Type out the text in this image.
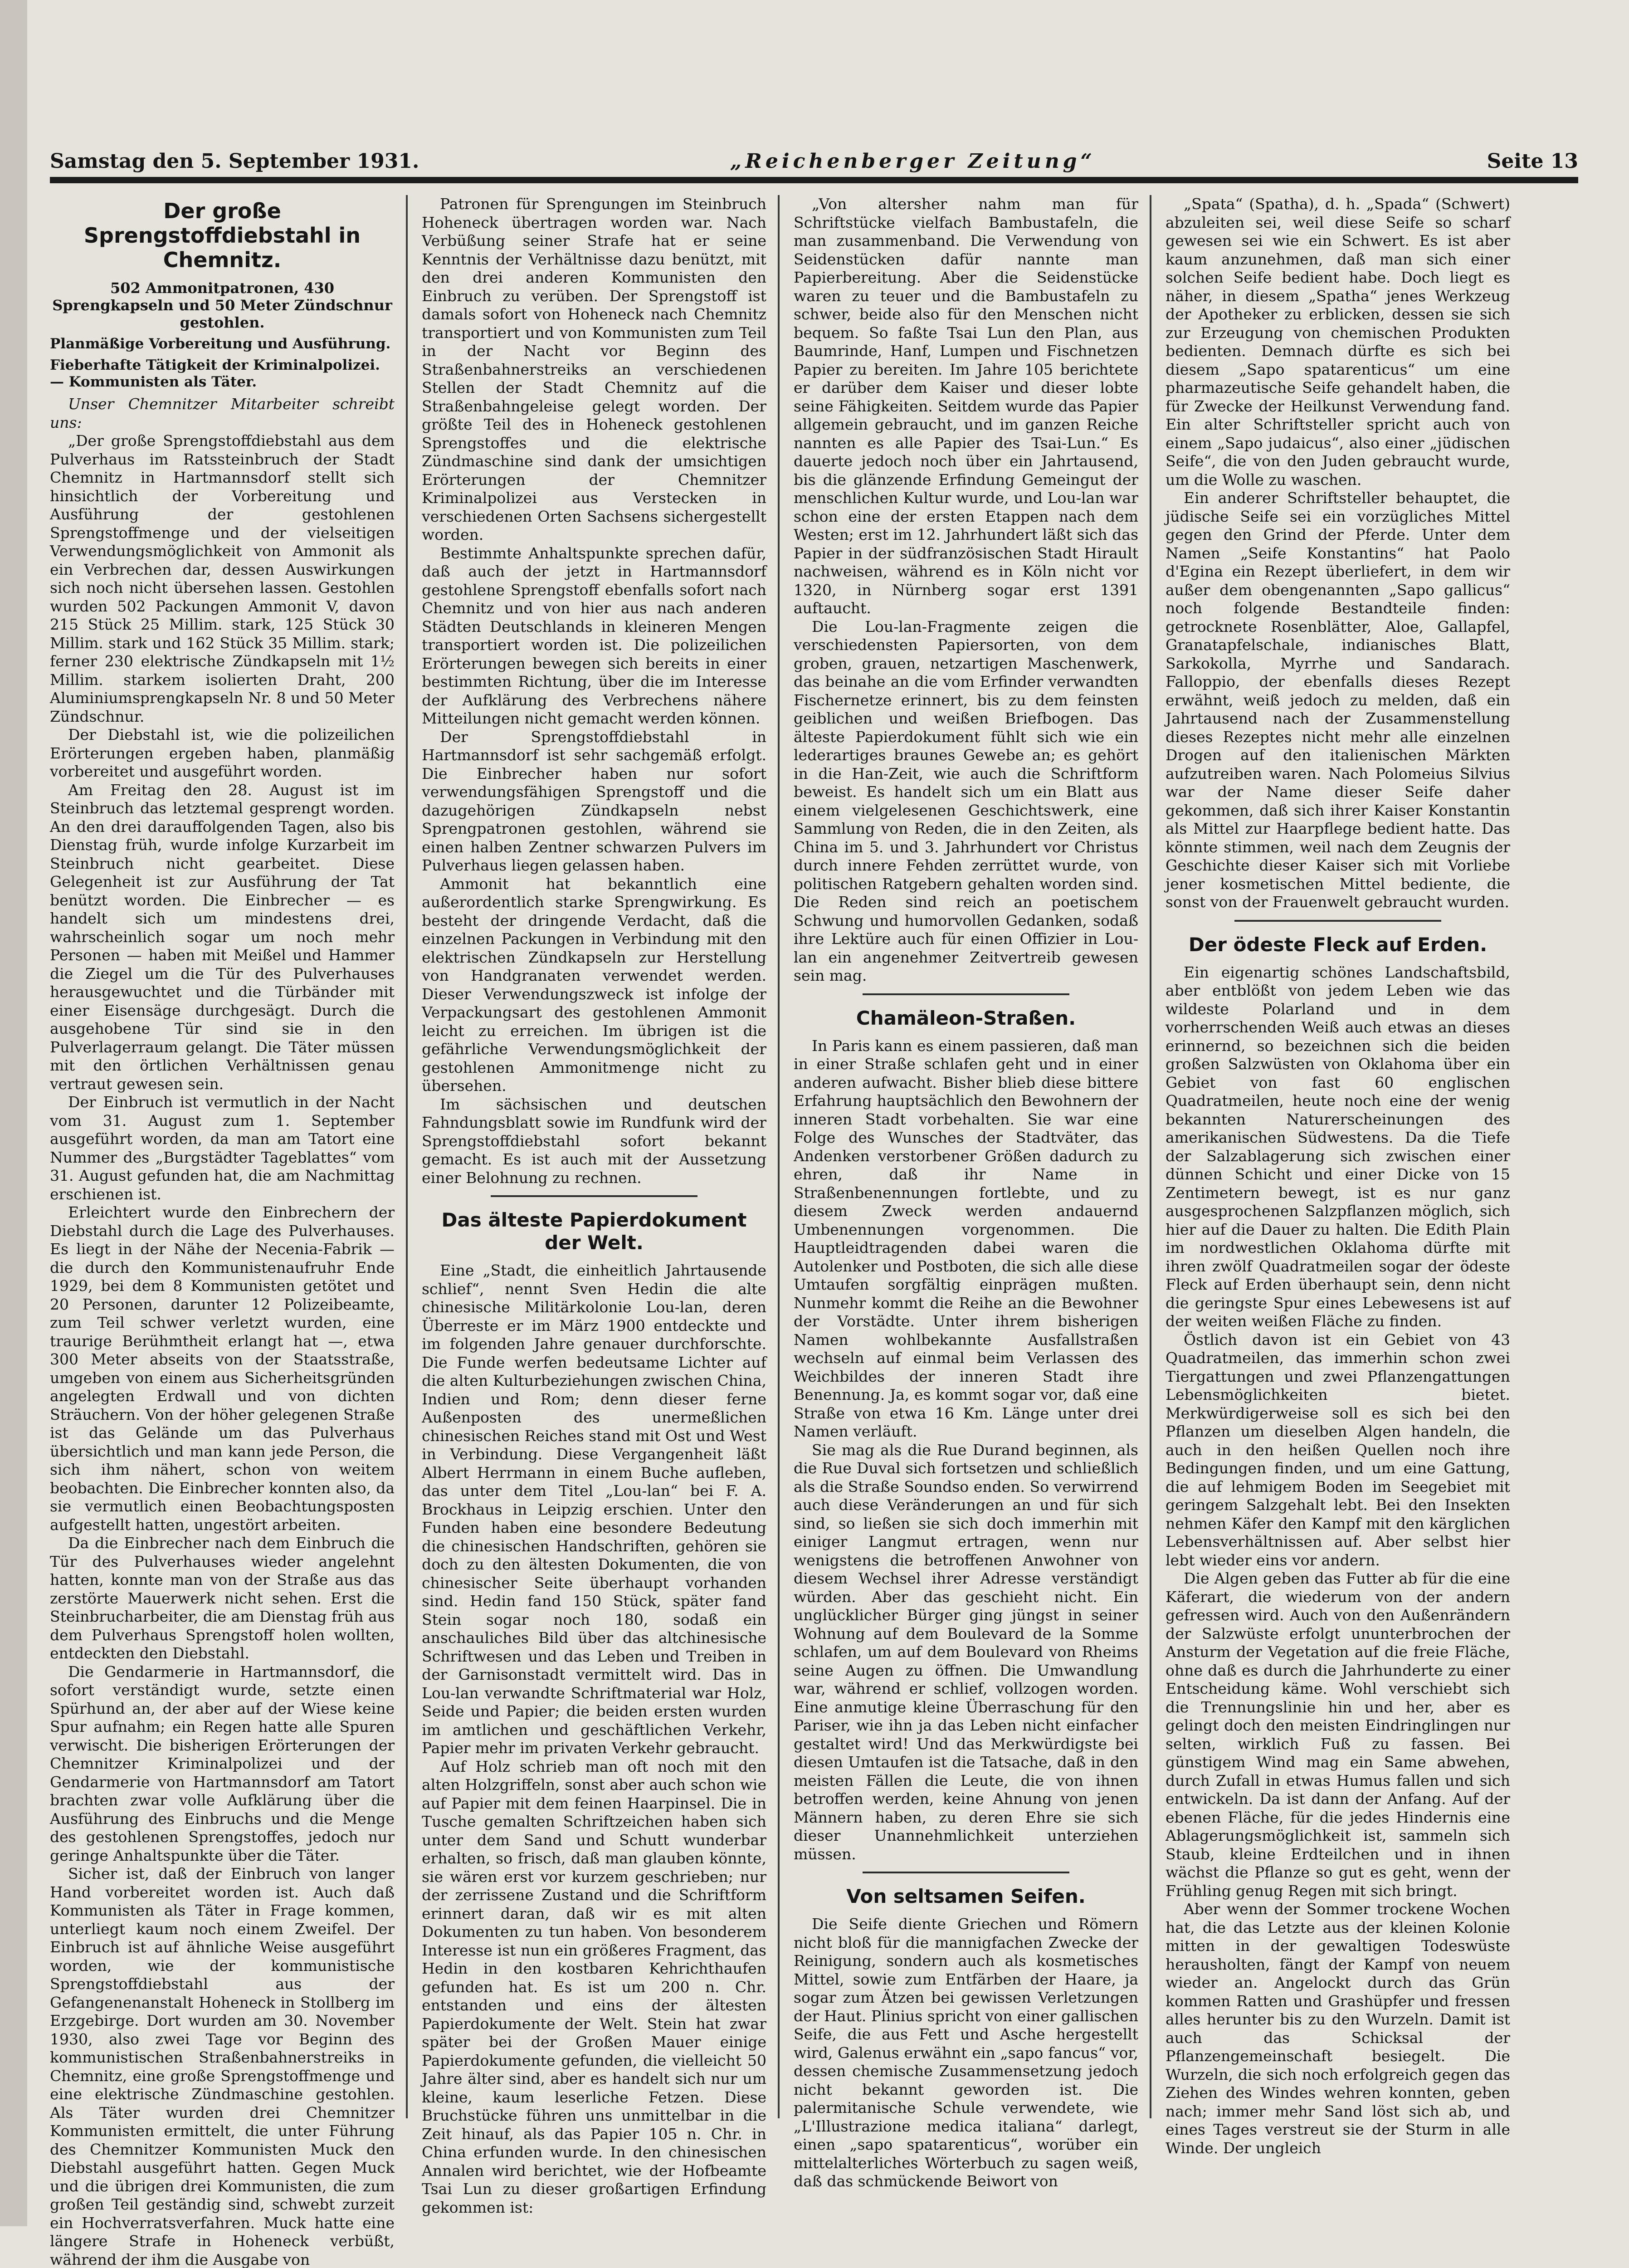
Samstag den 5. September 1931.	„Reichenberger Zeitung“	Seite 13
Der große Sprengstoffdiebstahl in Chemnitz.
502 Ammonitpatronen, 430 Sprengkapseln und 50 Meter Zündschnur gestohlen.
Planmäßige Vorbereitung und Ausführung.
Fieberhafte Tätigkeit der Kriminalpolizei. — Kommunisten als Täter.

Unser Chemnitzer Mitarbeiter schreibt uns:

„Der große Sprengstoffdiebstahl aus dem Pulverhaus im Ratssteinbruch der Stadt Chemnitz in Hartmannsdorf stellt sich hinsichtlich der Vorbereitung und Ausführung der gestohlenen Sprengstoffmenge und der vielseitigen Verwendungsmöglichkeit von Ammonit als ein Verbrechen dar, dessen Auswirkungen sich noch nicht übersehen lassen. Gestohlen wurden 502 Packungen Ammonit V, davon 215 Stück 25 Millim. stark, 125 Stück 30 Millim. stark und 162 Stück 35 Millim. stark; ferner 230 elektrische Zündkapseln mit 1½ Millim. starkem isolierten Draht, 200 Aluminiumsprengkapseln Nr. 8 und 50 Meter Zündschnur.

Der Diebstahl ist, wie die polizeilichen Erörterungen ergeben haben, planmäßig vorbereitet und ausgeführt worden.

Am Freitag den 28. August ist im Steinbruch das letztemal gesprengt worden. An den drei darauffolgenden Tagen, also bis Dienstag früh, wurde infolge Kurzarbeit im Steinbruch nicht gearbeitet. Diese Gelegenheit ist zur Ausführung der Tat benützt worden. Die Einbrecher — es handelt sich um mindestens drei, wahrscheinlich sogar um noch mehr Personen — haben mit Meißel und Hammer die Ziegel um die Tür des Pulverhauses herausgewuchtet und die Türbänder mit einer Eisensäge durchgesägt. Durch die ausgehobene Tür sind sie in den Pulverlagerraum gelangt. Die Täter müssen mit den örtlichen Verhältnissen genau vertraut gewesen sein.

Der Einbruch ist vermutlich in der Nacht vom 31. August zum 1. September ausgeführt worden, da man am Tatort eine Nummer des „Burgstädter Tageblattes“ vom 31. August gefunden hat, die am Nachmittag erschienen ist.

Erleichtert wurde den Einbrechern der Diebstahl durch die Lage des Pulverhauses. Es liegt in der Nähe der Necenia-Fabrik — die durch den Kommunistenaufruhr Ende 1929, bei dem 8 Kommunisten getötet und 20 Personen, darunter 12 Polizeibeamte, zum Teil schwer verletzt wurden, eine traurige Berühmtheit erlangt hat —, etwa 300 Meter abseits von der Staatsstraße, umgeben von einem aus Sicherheitsgründen angelegten Erdwall und von dichten Sträuchern. Von der höher gelegenen Straße ist das Gelände um das Pulverhaus übersichtlich und man kann jede Person, die sich ihm nähert, schon von weitem beobachten. Die Einbrecher konnten also, da sie vermutlich einen Beobachtungsposten aufgestellt hatten, ungestört arbeiten.

Da die Einbrecher nach dem Einbruch die Tür des Pulverhauses wieder angelehnt hatten, konnte man von der Straße aus das zerstörte Mauerwerk nicht sehen. Erst die Steinbrucharbeiter, die am Dienstag früh aus dem Pulverhaus Sprengstoff holen wollten, entdeckten den Diebstahl.

Die Gendarmerie in Hartmannsdorf, die sofort verständigt wurde, setzte einen Spürhund an, der aber auf der Wiese keine Spur aufnahm; ein Regen hatte alle Spuren verwischt. Die bisherigen Erörterungen der Chemnitzer Kriminalpolizei und der Gendarmerie von Hartmannsdorf am Tatort brachten zwar volle Aufklärung über die Ausführung des Einbruchs und die Menge des gestohlenen Sprengstoffes, jedoch nur geringe Anhaltspunkte über die Täter.

Sicher ist, daß der Einbruch von langer Hand vorbereitet worden ist. Auch daß Kommunisten als Täter in Frage kommen, unterliegt kaum noch einem Zweifel. Der Einbruch ist auf ähnliche Weise ausgeführt worden, wie der kommunistische Sprengstoffdiebstahl aus der Gefangenenanstalt Hoheneck in Stollberg im Erzgebirge. Dort wurden am 30. November 1930, also zwei Tage vor Beginn des kommunistischen Straßenbahnerstreiks in Chemnitz, eine große Sprengstoffmenge und eine elektrische Zündmaschine gestohlen. Als Täter wurden drei Chemnitzer Kommunisten ermittelt, die unter Führung des Chemnitzer Kommunisten Muck den Diebstahl ausgeführt hatten. Gegen Muck und die übrigen drei Kommunisten, die zum großen Teil geständig sind, schwebt zurzeit ein Hochverratsverfahren. Muck hatte eine längere Strafe in Hoheneck verbüßt, während der ihm die Ausgabe von

Patronen für Sprengungen im Steinbruch Hoheneck übertragen worden war. Nach Verbüßung seiner Strafe hat er seine Kenntnis der Verhältnisse dazu benützt, mit den drei anderen Kommunisten den Einbruch zu verüben. Der Sprengstoff ist damals sofort von Hoheneck nach Chemnitz transportiert und von Kommunisten zum Teil in der Nacht vor Beginn des Straßenbahnerstreiks an verschiedenen Stellen der Stadt Chemnitz auf die Straßenbahngeleise gelegt worden. Der größte Teil des in Hoheneck gestohlenen Sprengstoffes und die elektrische Zündmaschine sind dank der umsichtigen Erörterungen der Chemnitzer Kriminalpolizei aus Verstecken in verschiedenen Orten Sachsens sichergestellt worden.

Bestimmte Anhaltspunkte sprechen dafür, daß auch der jetzt in Hartmannsdorf gestohlene Sprengstoff ebenfalls sofort nach Chemnitz und von hier aus nach anderen Städten Deutschlands in kleineren Mengen transportiert worden ist. Die polizeilichen Erörterungen bewegen sich bereits in einer bestimmten Richtung, über die im Interesse der Aufklärung des Verbrechens nähere Mitteilungen nicht gemacht werden können.

Der Sprengstoffdiebstahl in Hartmannsdorf ist sehr sachgemäß erfolgt. Die Einbrecher haben nur sofort verwendungsfähigen Sprengstoff und die dazugehörigen Zündkapseln nebst Sprengpatronen gestohlen, während sie einen halben Zentner schwarzen Pulvers im Pulverhaus liegen gelassen haben.

Ammonit hat bekanntlich eine außerordentlich starke Sprengwirkung. Es besteht der dringende Verdacht, daß die einzelnen Packungen in Verbindung mit den elektrischen Zündkapseln zur Herstellung von Handgranaten verwendet werden. Dieser Verwendungszweck ist infolge der Verpackungsart des gestohlenen Ammonit leicht zu erreichen. Im übrigen ist die gefährliche Verwendungsmöglichkeit der gestohlenen Ammonitmenge nicht zu übersehen.

Im sächsischen und deutschen Fahndungsblatt sowie im Rundfunk wird der Sprengstoffdiebstahl sofort bekannt gemacht. Es ist auch mit der Aussetzung einer Belohnung zu rechnen.

Das älteste Papierdokument der Welt.

Eine „Stadt, die einheitlich Jahrtausende schlief“, nennt Sven Hedin die alte chinesische Militärkolonie Lou-lan, deren Überreste er im März 1900 entdeckte und im folgenden Jahre genauer durchforschte. Die Funde werfen bedeutsame Lichter auf die alten Kulturbeziehungen zwischen China, Indien und Rom; denn dieser ferne Außenposten des unermeßlichen chinesischen Reiches stand mit Ost und West in Verbindung. Diese Vergangenheit läßt Albert Herrmann in einem Buche aufleben, das unter dem Titel „Lou-lan“ bei F. A. Brockhaus in Leipzig erschien. Unter den Funden haben eine besondere Bedeutung die chinesischen Handschriften, gehören sie doch zu den ältesten Dokumenten, die von chinesischer Seite überhaupt vorhanden sind. Hedin fand 150 Stück, später fand Stein sogar noch 180, sodaß ein anschauliches Bild über das altchinesische Schriftwesen und das Leben und Treiben in der Garnisonstadt vermittelt wird. Das in Lou-lan verwandte Schriftmaterial war Holz, Seide und Papier; die beiden ersten wurden im amtlichen und geschäftlichen Verkehr, Papier mehr im privaten Verkehr gebraucht.

Auf Holz schrieb man oft noch mit den alten Holzgriffeln, sonst aber auch schon wie auf Papier mit dem feinen Haarpinsel. Die in Tusche gemalten Schriftzeichen haben sich unter dem Sand und Schutt wunderbar erhalten, so frisch, daß man glauben könnte, sie wären erst vor kurzem geschrieben; nur der zerrissene Zustand und die Schriftform erinnert daran, daß wir es mit alten Dokumenten zu tun haben. Von besonderem Interesse ist nun ein größeres Fragment, das Hedin in den kostbaren Kehrichthaufen gefunden hat. Es ist um 200 n. Chr. entstanden und eins der ältesten Papierdokumente der Welt. Stein hat zwar später bei der Großen Mauer einige Papierdokumente gefunden, die vielleicht 50 Jahre älter sind, aber es handelt sich nur um kleine, kaum leserliche Fetzen. Diese Bruchstücke führen uns unmittelbar in die Zeit hinauf, als das Papier 105 n. Chr. in China erfunden wurde. In den chinesischen Annalen wird berichtet, wie der Hofbeamte Tsai Lun zu dieser großartigen Erfindung gekommen ist:

„Von altersher nahm man für Schriftstücke vielfach Bambustafeln, die man zusammenband. Die Verwendung von Seidenstücken dafür nannte man Papierbereitung. Aber die Seidenstücke waren zu teuer und die Bambustafeln zu schwer, beide also für den Menschen nicht bequem. So faßte Tsai Lun den Plan, aus Baumrinde, Hanf, Lumpen und Fischnetzen Papier zu bereiten. Im Jahre 105 berichtete er darüber dem Kaiser und dieser lobte seine Fähigkeiten. Seitdem wurde das Papier allgemein gebraucht, und im ganzen Reiche nannten es alle Papier des Tsai-Lun.“ Es dauerte jedoch noch über ein Jahrtausend, bis die glänzende Erfindung Gemeingut der menschlichen Kultur wurde, und Lou-lan war schon eine der ersten Etappen nach dem Westen; erst im 12. Jahrhundert läßt sich das Papier in der südfranzösischen Stadt Hirault nachweisen, während es in Köln nicht vor 1320, in Nürnberg sogar erst 1391 auftaucht.

Die Lou-lan-Fragmente zeigen die verschiedensten Papiersorten, von dem groben, grauen, netzartigen Maschenwerk, das beinahe an die vom Erfinder verwandten Fischernetze erinnert, bis zu dem feinsten geiblichen und weißen Briefbogen. Das älteste Papierdokument fühlt sich wie ein lederartiges braunes Gewebe an; es gehört in die Han-Zeit, wie auch die Schriftform beweist. Es handelt sich um ein Blatt aus einem vielgelesenen Geschichtswerk, eine Sammlung von Reden, die in den Zeiten, als China im 5. und 3. Jahrhundert vor Christus durch innere Fehden zerrüttet wurde, von politischen Ratgebern gehalten worden sind. Die Reden sind reich an poetischem Schwung und humorvollen Gedanken, sodaß ihre Lektüre auch für einen Offizier in Lou-lan ein angenehmer Zeitvertreib gewesen sein mag.

Chamäleon-Straßen.

In Paris kann es einem passieren, daß man in einer Straße schlafen geht und in einer anderen aufwacht. Bisher blieb diese bittere Erfahrung hauptsächlich den Bewohnern der inneren Stadt vorbehalten. Sie war eine Folge des Wunsches der Stadtväter, das Andenken verstorbener Größen dadurch zu ehren, daß ihr Name in Straßenbenennungen fortlebte, und zu diesem Zweck werden andauernd Umbenennungen vorgenommen. Die Hauptleidtragenden dabei waren die Autolenker und Postboten, die sich alle diese Umtaufen sorgfältig einprägen mußten. Nunmehr kommt die Reihe an die Bewohner der Vorstädte. Unter ihrem bisherigen Namen wohlbekannte Ausfallstraßen wechseln auf einmal beim Verlassen des Weichbildes der inneren Stadt ihre Benennung. Ja, es kommt sogar vor, daß eine Straße von etwa 16 Km. Länge unter drei Namen verläuft.

Sie mag als die Rue Durand beginnen, als die Rue Duval sich fortsetzen und schließlich als die Straße Soundso enden. So verwirrend auch diese Veränderungen an und für sich sind, so ließen sie sich doch immerhin mit einiger Langmut ertragen, wenn nur wenigstens die betroffenen Anwohner von diesem Wechsel ihrer Adresse verständigt würden. Aber das geschieht nicht. Ein unglücklicher Bürger ging jüngst in seiner Wohnung auf dem Boulevard de la Somme schlafen, um auf dem Boulevard von Rheims seine Augen zu öffnen. Die Umwandlung war, während er schlief, vollzogen worden. Eine anmutige kleine Überraschung für den Pariser, wie ihn ja das Leben nicht einfacher gestaltet wird! Und das Merkwürdigste bei diesen Umtaufen ist die Tatsache, daß in den meisten Fällen die Leute, die von ihnen betroffen werden, keine Ahnung von jenen Männern haben, zu deren Ehre sie sich dieser Unannehmlichkeit unterziehen müssen.

Von seltsamen Seifen.

Die Seife diente Griechen und Römern nicht bloß für die mannigfachen Zwecke der Reinigung, sondern auch als kosmetisches Mittel, sowie zum Entfärben der Haare, ja sogar zum Ätzen bei gewissen Verletzungen der Haut. Plinius spricht von einer gallischen Seife, die aus Fett und Asche hergestellt wird, Galenus erwähnt ein „sapo fancus“ vor, dessen chemische Zusammensetzung jedoch nicht bekannt geworden ist. Die palermitanische Schule verwendete, wie „L'Illustrazione medica italiana“ darlegt, einen „sapo spatarenticus“, worüber ein mittelalterliches Wörterbuch zu sagen weiß, daß das schmückende Beiwort von

„Spata“ (Spatha), d. h. „Spada“ (Schwert) abzuleiten sei, weil diese Seife so scharf gewesen sei wie ein Schwert. Es ist aber kaum anzunehmen, daß man sich einer solchen Seife bedient habe. Doch liegt es näher, in diesem „Spatha“ jenes Werkzeug der Apotheker zu erblicken, dessen sie sich zur Erzeugung von chemischen Produkten bedienten. Demnach dürfte es sich bei diesem „Sapo spatarenticus“ um eine pharmazeutische Seife gehandelt haben, die für Zwecke der Heilkunst Verwendung fand. Ein alter Schriftsteller spricht auch von einem „Sapo judaicus“, also einer „jüdischen Seife“, die von den Juden gebraucht wurde, um die Wolle zu waschen.

Ein anderer Schriftsteller behauptet, die jüdische Seife sei ein vorzügliches Mittel gegen den Grind der Pferde. Unter dem Namen „Seife Konstantins“ hat Paolo d'Egina ein Rezept überliefert, in dem wir außer dem obengenannten „Sapo gallicus“ noch folgende Bestandteile finden: getrocknete Rosenblätter, Aloe, Gallapfel, Granatapfelschale, indianisches Blatt, Sarkokolla, Myrrhe und Sandarach. Falloppio, der ebenfalls dieses Rezept erwähnt, weiß jedoch zu melden, daß ein Jahrtausend nach der Zusammenstellung dieses Rezeptes nicht mehr alle einzelnen Drogen auf den italienischen Märkten aufzutreiben waren. Nach Polomeius Silvius war der Name dieser Seife daher gekommen, daß sich ihrer Kaiser Konstantin als Mittel zur Haarpflege bedient hatte. Das könnte stimmen, weil nach dem Zeugnis der Geschichte dieser Kaiser sich mit Vorliebe jener kosmetischen Mittel bediente, die sonst von der Frauenwelt gebraucht wurden.

Der ödeste Fleck auf Erden.

Ein eigenartig schönes Landschaftsbild, aber entblößt von jedem Leben wie das wildeste Polarland und in dem vorherrschenden Weiß auch etwas an dieses erinnernd, so bezeichnen sich die beiden großen Salzwüsten von Oklahoma über ein Gebiet von fast 60 englischen Quadratmeilen, heute noch eine der wenig bekannten Naturerscheinungen des amerikanischen Südwestens. Da die Tiefe der Salzablagerung sich zwischen einer dünnen Schicht und einer Dicke von 15 Zentimetern bewegt, ist es nur ganz ausgesprochenen Salzpflanzen möglich, sich hier auf die Dauer zu halten. Die Edith Plain im nordwestlichen Oklahoma dürfte mit ihren zwölf Quadratmeilen sogar der ödeste Fleck auf Erden überhaupt sein, denn nicht die geringste Spur eines Lebewesens ist auf der weiten weißen Fläche zu finden.

Östlich davon ist ein Gebiet von 43 Quadratmeilen, das immerhin schon zwei Tiergattungen und zwei Pflanzengattungen Lebensmöglichkeiten bietet. Merkwürdigerweise soll es sich bei den Pflanzen um dieselben Algen handeln, die auch in den heißen Quellen noch ihre Bedingungen finden, und um eine Gattung, die auf lehmigem Boden im Seegebiet mit geringem Salzgehalt lebt. Bei den Insekten nehmen Käfer den Kampf mit den kärglichen Lebensverhältnissen auf. Aber selbst hier lebt wieder eins vor andern.

Die Algen geben das Futter ab für die eine Käferart, die wiederum von der andern gefressen wird. Auch von den Außenrändern der Salzwüste erfolgt ununterbrochen der Ansturm der Vegetation auf die freie Fläche, ohne daß es durch die Jahrhunderte zu einer Entscheidung käme. Wohl verschiebt sich die Trennungslinie hin und her, aber es gelingt doch den meisten Eindringlingen nur selten, wirklich Fuß zu fassen. Bei günstigem Wind mag ein Same abwehen, durch Zufall in etwas Humus fallen und sich entwickeln. Da ist dann der Anfang. Auf der ebenen Fläche, für die jedes Hindernis eine Ablagerungsmöglichkeit ist, sammeln sich Staub, kleine Erdteilchen und in ihnen wächst die Pflanze so gut es geht, wenn der Frühling genug Regen mit sich bringt.

Aber wenn der Sommer trockene Wochen hat, die das Letzte aus der kleinen Kolonie mitten in der gewaltigen Todeswüste herausholten, fängt der Kampf von neuem wieder an. Angelockt durch das Grün kommen Ratten und Grashüpfer und fressen alles herunter bis zu den Wurzeln. Damit ist auch das Schicksal der Pflanzengemeinschaft besiegelt. Die Wurzeln, die sich noch erfolgreich gegen das Ziehen des Windes wehren konnten, geben nach; immer mehr Sand löst sich ab, und eines Tages verstreut sie der Sturm in alle Winde. Der ungleich
